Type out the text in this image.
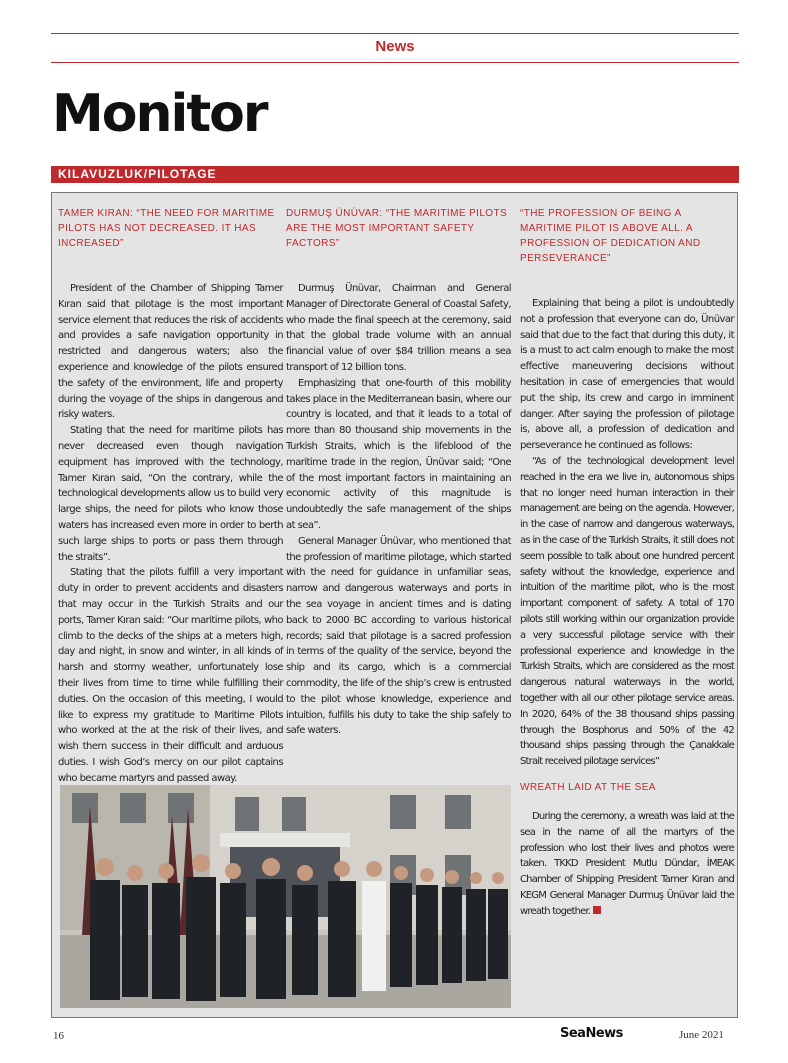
News
Monitor
KILAVUZLUK/PILOTAGE
TAMER KIRAN: “THE NEED FOR MARITIME PILOTS HAS NOT DECREASED. IT HAS INCREASED”

President of the Chamber of Shipping Tamer Kıran said that pilotage is the most important service element that reduces the risk of accidents and provides a safe navigation opportunity in restricted and dangerous waters; also the experience and knowledge of the pilots ensured the safety of the environment, life and property during the voyage of the ships in dangerous and risky waters.

Stating that the need for maritime pilots has never decreased even though navigation equipment has improved with the technology, Tamer Kıran said, “On the contrary, while the technological developments allow us to build very large ships, the need for pilots who know those waters has increased even more in order to berth such large ships to ports or pass them through the straits”.

Stating that the pilots fulfill a very important duty in order to prevent accidents and disasters that may occur in the Turkish Straits and our ports, Tamer Kıran said: “Our maritime pilots, who climb to the decks of the ships at a meters high, day and night, in snow and winter, in all kinds of harsh and stormy weather, unfortunately lose their lives from time to time while fulfilling their duties. On the occasion of this meeting, I would like to express my gratitude to Maritime Pilots who worked at the at the risk of their lives, and wish them success in their difficult and arduous duties. I wish God’s mercy on our pilot captains who became martyrs and passed away.

DURMUŞ ÜNÜVAR: “THE MARITIME PILOTS ARE THE MOST IMPORTANT SAFETY FACTORS”

Durmuş Ünüvar, Chairman and General Manager of Directorate General of Coastal Safety, who made the final speech at the ceremony, said that the global trade volume with an annual financial value of over $84 trillion means a sea transport of 12 billion tons.

Emphasizing that one-fourth of this mobility takes place in the Mediterranean basin, where our country is located, and that it leads to a total of more than 80 thousand ship movements in the Turkish Straits, which is the lifeblood of the maritime trade in the region, Ünüvar said; “One of the most important factors in maintaining an economic activity of this magnitude is undoubtedly the safe management of the ships at sea”.

General Manager Ünüvar, who mentioned that the profession of maritime pilotage, which started with the need for guidance in unfamiliar seas, narrow and dangerous waterways and ports in the sea voyage in ancient times and is dating back to 2000 BC according to various historical records; said that pilotage is a sacred profession in terms of the quality of the service, beyond the ship and its cargo, which is a commercial commodity, the life of the ship’s crew is entrusted to the pilot whose knowledge, experience and intuition, fulfills his duty to take the ship safely to safe waters.

“THE PROFESSION OF BEING A MARITIME PILOT IS ABOVE ALL. A PROFESSION OF DEDICATION AND PERSEVERANCE”

Explaining that being a pilot is undoubtedly not a profession that everyone can do, Ünüvar said that due to the fact that during this duty, it is a must to act calm enough to make the most effective maneuvering decisions without hesitation in case of emergencies that would put the ship, its crew and cargo in imminent danger. After saying the profession of pilotage is, above all, a profession of dedication and perseverance he continued as follows:

“As of the technological development level reached in the era we live in, autonomous ships that no longer need human interaction in their management are being on the agenda. However, in the case of narrow and dangerous waterways, as in the case of the Turkish Straits, it still does not seem possible to talk about one hundred percent safety without the knowledge, experience and intuition of the maritime pilot, who is the most important component of safety. A total of 170 pilots still working within our organization provide a very successful pilotage service with their professional experience and knowledge in the Turkish Straits, which are considered as the most dangerous natural waterways in the world, together with all our other pilotage service areas. In 2020, 64% of the 38 thousand ships passing through the Bosphorus and 50% of the 42 thousand ships passing through the Çanakkale Strait received pilotage services”

WREATH LAID AT THE SEA

During the ceremony, a wreath was laid at the sea in the name of all the martyrs of the profession who lost their lives and photos were taken. TKKD President Mutlu Dündar, İMEAK Chamber of Shipping President Tamer Kıran and KEGM General Manager Durmuş Ünüvar laid the wreath together.

16	SeaNews	June 2021
